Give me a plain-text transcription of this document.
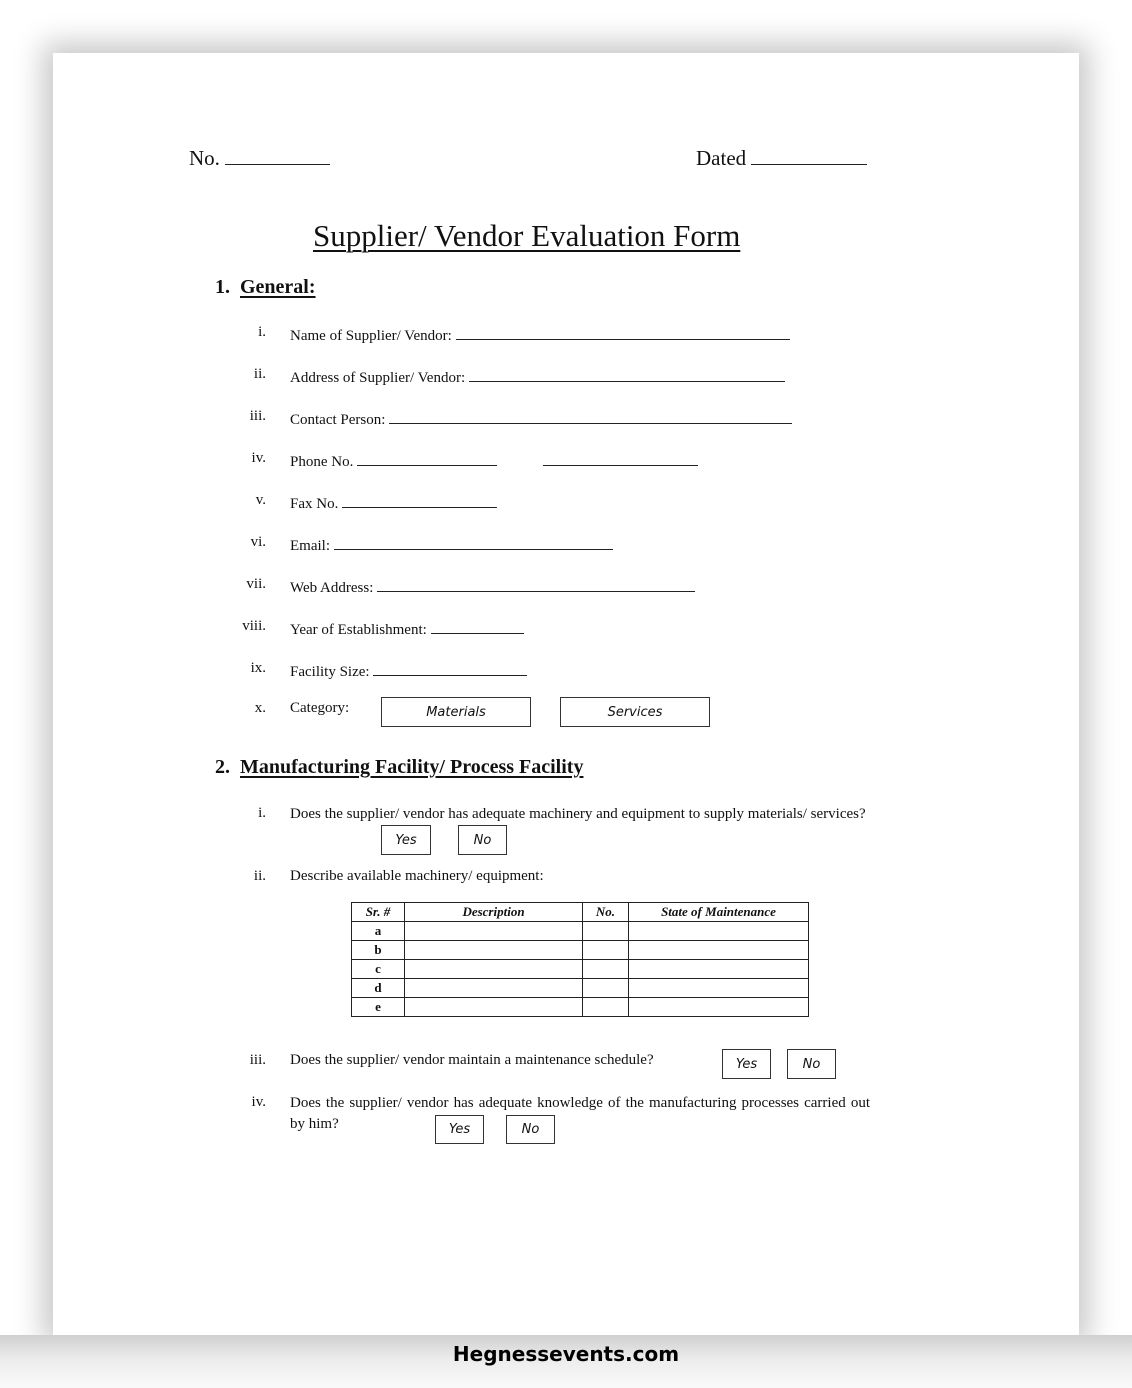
No.	Dated
Supplier/ Vendor Evaluation Form
1. General:
i. Name of Supplier/ Vendor:
ii. Address of Supplier/ Vendor:
iii. Contact Person:
iv. Phone No.
v. Fax No.
vi. Email:
vii. Web Address:
viii. Year of Establishment:
ix. Facility Size:
x. Category:	Materials	Services
2. Manufacturing Facility/ Process Facility
i. Does the supplier/ vendor has adequate machinery and equipment to supply materials/ services?
Yes	No
ii. Describe available machinery/ equipment:
Sr. #	Description	No.	State of Maintenance
a			
b			
c			
d			
e			
iii. Does the supplier/ vendor maintain a maintenance schedule?	Yes	No
iv. Does the supplier/ vendor has adequate knowledge of the manufacturing processes carried out by him?	Yes	No
Hegnessevents.com
